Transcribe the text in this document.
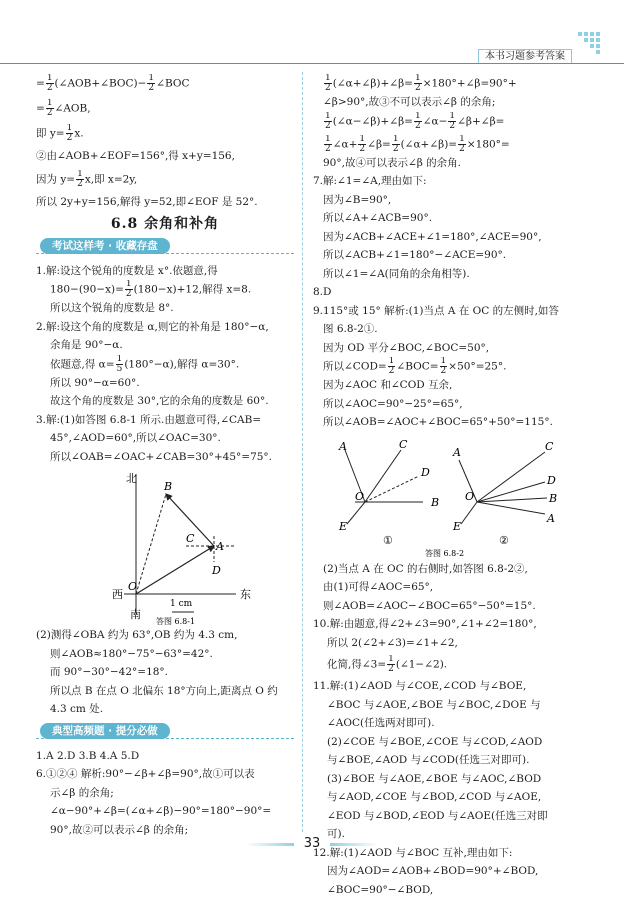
本书习题参考答案
= $\frac{1}{2}$ (∠AOB+∠BOC)− $\frac{1}{2}$ ∠BOC
= $\frac{1}{2}$ ∠AOB,
即 $y= \frac{1}{2} x$.
②由∠AOB+∠EOF=156°,得 x+y=156,
因为 $y= \frac{1}{2} x$,即 x=2y,
所以 2y+y=156,解得 y=52,即∠EOF 是 52°.
6.8 余角和补角
考试这样考 · 收藏存盘
1.解:设这个锐角的度数是 x°.依题意,得
$180-(90-x)= \frac{1}{2} (180-x)+12$,解得 x=8.
所以这个锐角的度数是 8°.
2.解:设这个角的度数是 α,则它的补角是 180°−α,
余角是 90°−α.
依题意,得 $\alpha= \frac{1}{5} (180^\circ-\alpha)$,解得 α=30°.
所以 90°−α=60°.
故这个角的度数是 30°,它的余角的度数是 60°.
3.解:(1)如答图 6.8-1 所示.由题意可得,∠CAB=
45°,∠AOD=60°,所以∠OAC=30°.
所以∠OAB=∠OAC+∠CAB=30°+45°=75°.
北
西	东
南
O
A
B
C
D
1 cm
答图 6.8-1
(2)测得∠OBA 约为 63°,OB 约为 4.3 cm,
则∠AOB≈180°−75°−63°=42°.
而 90°−30°−42°=18°.
所以点 B 在点 O 北偏东 18°方向上,距离点 O 约
4.3 cm 处.
典型高频题 · 提分必做
1.A 2.D 3.B 4.A 5.D
6.①②④ 解析:90°−∠β+∠β=90°,故①可以表
示∠β 的余角;
∠α−90°+∠β=(∠α+∠β)−90°=180°−90°=
90°,故②可以表示∠β 的余角;
$\frac{1}{2}$ (∠α+∠β)+∠β= $\frac{1}{2}$ ×180°+∠β=90°+
∠β>90°,故③不可以表示∠β 的余角;
$\frac{1}{2}$ (∠α−∠β)+∠β= $\frac{1}{2}$ ∠α− $\frac{1}{2}$ ∠β+∠β=
$\frac{1}{2}$ ∠α+ $\frac{1}{2}$ ∠β= $\frac{1}{2}$ (∠α+∠β)= $\frac{1}{2} \times 180^\circ=$
90°,故④可以表示∠β 的余角.
7.解:∠1=∠A,理由如下:
因为∠B=90°,
所以∠A+∠ACB=90°.
因为∠ACB+∠ACE+∠1=180°,∠ACE=90°,
所以∠ACB+∠1=180°−∠ACE=90°.
所以∠1=∠A(同角的余角相等).
8.D
9.115°或 15° 解析:(1)当点 A 在 OC 的左侧时,如答
图 6.8-2①.
因为 OD 平分∠BOC,∠BOC=50°,
所以∠COD= $\frac{1}{2}$ ∠BOC= $\frac{1}{2} \times 50^\circ=25^\circ$.
因为∠AOC 和∠COD 互余,
所以∠AOC=90°−25°=65°,
所以∠AOB=∠AOC+∠BOC=65°+50°=115°.
A	C
D
B
O
E
①
A	C
D
B
A
O
E
②
答图 6.8-2
(2)当点 A 在 OC 的右侧时,如答图 6.8-2②,
由(1)可得∠AOC=65°,
则∠AOB=∠AOC−∠BOC=65°−50°=15°.
10.解:由题意,得∠2+∠3=90°,∠1+∠2=180°,
所以 2(∠2+∠3)=∠1+∠2,
化简,得∠3= $\frac{1}{2}$ (∠1−∠2).
11.解:(1)∠AOD 与∠COE,∠COD 与∠BOE,
∠BOC 与∠AOE,∠BOE 与∠BOC,∠DOE 与
∠AOC(任选两对即可).
(2)∠COE 与∠BOE,∠COE 与∠COD,∠AOD
与∠BOE,∠AOD 与∠COD(任选三对即可).
(3)∠BOE 与∠AOE,∠BOE 与∠AOC,∠BOD
与∠AOD,∠COE 与∠BOD,∠COD 与∠AOE,
∠EOD 与∠BOD,∠EOD 与∠AOE(任选三对即
可).
12.解:(1)∠AOD 与∠BOC 互补,理由如下:
因为∠AOD=∠AOB+∠BOD=90°+∠BOD,
∠BOC=90°−∠BOD,
33
